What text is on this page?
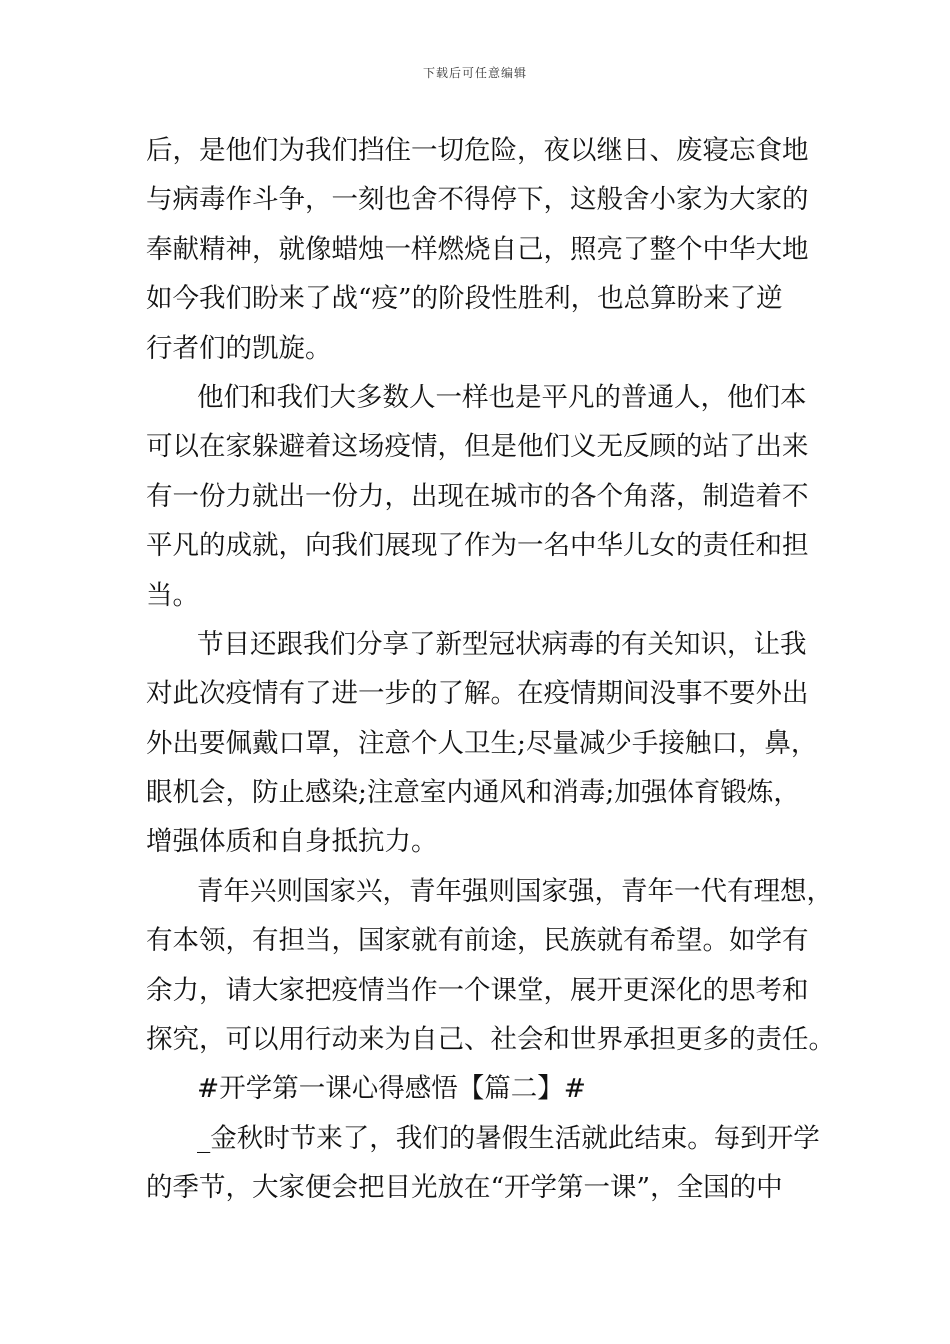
下载后可任意编辑
后，是他们为我们挡住一切危险，夜以继日、废寝忘食地
与病毒作斗争，一刻也舍不得停下，这般舍小家为大家的
奉献精神，就像蜡烛一样燃烧自己，照亮了整个中华大地
如今我们盼来了战“疫”的阶段性胜利，也总算盼来了逆
行者们的凯旋。
他们和我们大多数人一样也是平凡的普通人，他们本
可以在家躲避着这场疫情，但是他们义无反顾的站了出来
有一份力就出一份力，出现在城市的各个角落，制造着不
平凡的成就，向我们展现了作为一名中华儿女的责任和担
当。
节目还跟我们分享了新型冠状病毒的有关知识，让我
对此次疫情有了进一步的了解。在疫情期间没事不要外出
外出要佩戴口罩，注意个人卫生;尽量减少手接触口，鼻，
眼机会，防止感染;注意室内通风和消毒;加强体育锻炼，
增强体质和自身抵抗力。
青年兴则国家兴，青年强则国家强，青年一代有理想，
有本领，有担当，国家就有前途，民族就有希望。如学有
余力，请大家把疫情当作一个课堂，展开更深化的思考和
探究，可以用行动来为自己、社会和世界承担更多的责任。
#开学第一课心得感悟【篇二】#
_金秋时节来了，我们的暑假生活就此结束。每到开学
的季节，大家便会把目光放在“开学第一课”，全国的中
